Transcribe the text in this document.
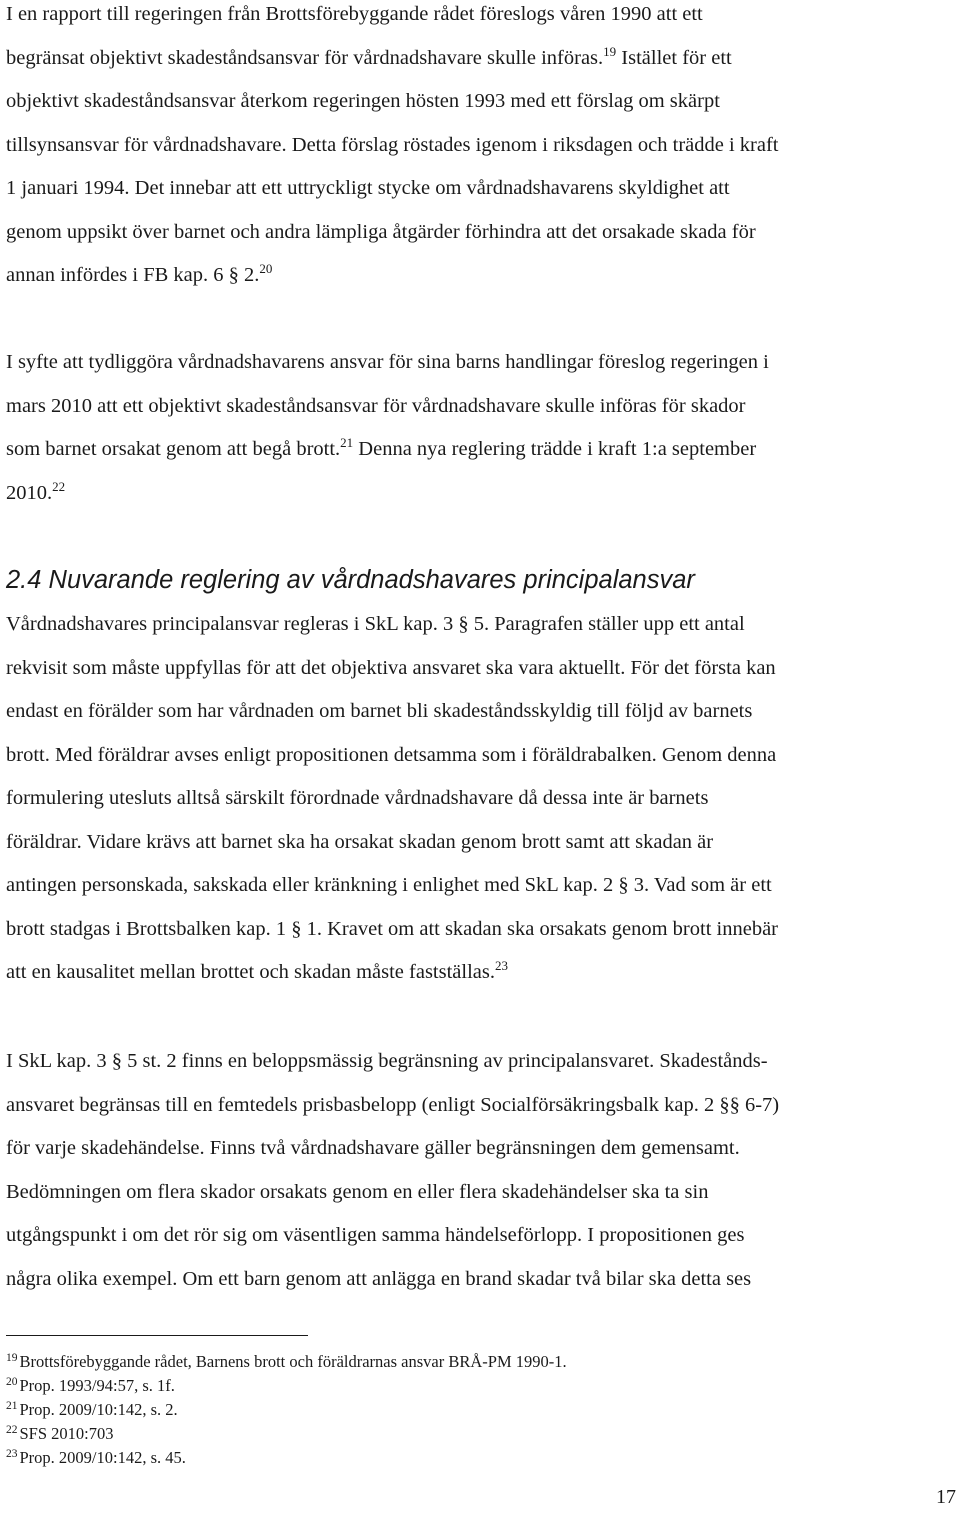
I en rapport till regeringen från Brottsförebyggande rådet föreslogs våren 1990 att ett
begränsat objektivt skadeståndsansvar för vårdnadshavare skulle införas.$^{19}$ Istället för ett
objektivt skadeståndsansvar återkom regeringen hösten 1993 med ett förslag om skärpt
tillsynsansvar för vårdnadshavare. Detta förslag röstades igenom i riksdagen och trädde i kraft
1 januari 1994. Det innebar att ett uttryckligt stycke om vårdnadshavarens skyldighet att
genom uppsikt över barnet och andra lämpliga åtgärder förhindra att det orsakade skada för
annan infördes i FB kap. 6 § 2.20
I syfte att tydliggöra vårdnadshavarens ansvar för sina barns handlingar föreslog regeringen i
mars 2010 att ett objektivt skadeståndsansvar för vårdnadshavare skulle införas för skador
som barnet orsakat genom att begå brott.$^{21}$ Denna nya reglering trädde i kraft 1:a september
2010.22
2.4 Nuvarande reglering av vårdnadshavares principalansvar
Vårdnadshavares principalansvar regleras i SkL kap. 3 § 5. Paragrafen ställer upp ett antal
rekvisit som måste uppfyllas för att det objektiva ansvaret ska vara aktuellt. För det första kan
endast en förälder som har vårdnaden om barnet bli skadeståndsskyldig till följd av barnets
brott. Med föräldrar avses enligt propositionen detsamma som i föräldrabalken. Genom denna
formulering utesluts alltså särskilt förordnade vårdnadshavare då dessa inte är barnets
föräldrar. Vidare krävs att barnet ska ha orsakat skadan genom brott samt att skadan är
antingen personskada, sakskada eller kränkning i enlighet med SkL kap. 2 § 3. Vad som är ett
brott stadgas i Brottsbalken kap. 1 § 1. Kravet om att skadan ska orsakats genom brott innebär
att en kausalitet mellan brottet och skadan måste fastställas.$^{23}$
I SkL kap. 3 § 5 st. 2 finns en beloppsmässig begränsning av principalansvaret. Skadestånds-
ansvaret begränsas till en femtedels prisbasbelopp (enligt Socialförsäkringsbalk kap. 2 §§ 6-7)
för varje skadehändelse. Finns två vårdnadshavare gäller begränsningen dem gemensamt.
Bedömningen om flera skador orsakats genom en eller flera skadehändelser ska ta sin
utgångspunkt i om det rör sig om väsentligen samma händelseförlopp. I propositionen ges
några olika exempel. Om ett barn genom att anlägga en brand skadar två bilar ska detta ses
$^{19}$ Brottsförebyggande rådet, Barnens brott och föräldrarnas ansvar BRÅ-PM 1990-1.
$^{20}$ Prop. 1993/94:57, s. 1f.
$^{21}$ Prop. 2009/10:142, s. 2.
$^{22}$ SFS 2010:703
$^{23}$ Prop. 2009/10:142, s. 45.
17
